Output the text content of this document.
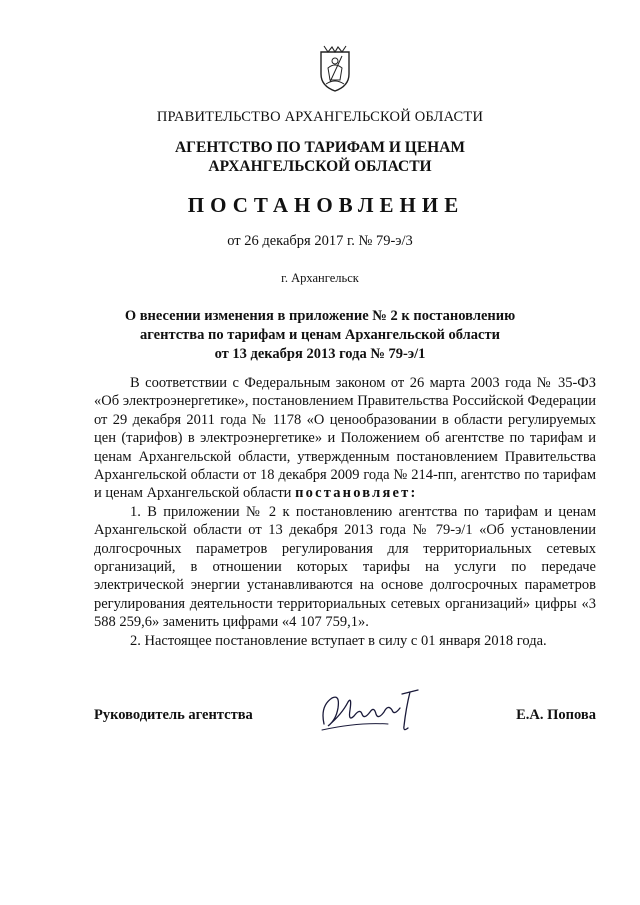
ПРАВИТЕЛЬСТВО АРХАНГЕЛЬСКОЙ ОБЛАСТИ
АГЕНТСТВО ПО ТАРИФАМ И ЦЕНАМ
АРХАНГЕЛЬСКОЙ ОБЛАСТИ
ПОСТАНОВЛЕНИЕ
от 26 декабря 2017 г. № 79-э/3
г. Архангельск
О внесении изменения в приложение № 2 к постановлению
агентства по тарифам и ценам Архангельской области
от 13 декабря 2013 года № 79-э/1

В соответствии с Федеральным законом от 26 марта 2003 года № 35-ФЗ «Об электроэнергетике», постановлением Правительства Российской Федерации от 29 декабря 2011 года № 1178 «О ценообразовании в области регулируемых цен (тарифов) в электроэнергетике» и Положением об агентстве по тарифам и ценам Архангельской области, утвержденным постановлением Правительства Архангельской области от 18 декабря 2009 года № 214-пп, агентство по тарифам и ценам Архангельской области постановляет:

1. В приложении № 2 к постановлению агентства по тарифам и ценам Архангельской области от 13 декабря 2013 года № 79-э/1 «Об установлении долгосрочных параметров регулирования для территориальных сетевых организаций, в отношении которых тарифы на услуги по передаче электрической энергии устанавливаются на основе долгосрочных параметров регулирования деятельности территориальных сетевых организаций» цифры «3 588 259,6» заменить цифрами «4 107 759,1».

2. Настоящее постановление вступает в силу с 01 января 2018 года.

Руководитель агентства	Е.А. Попова
